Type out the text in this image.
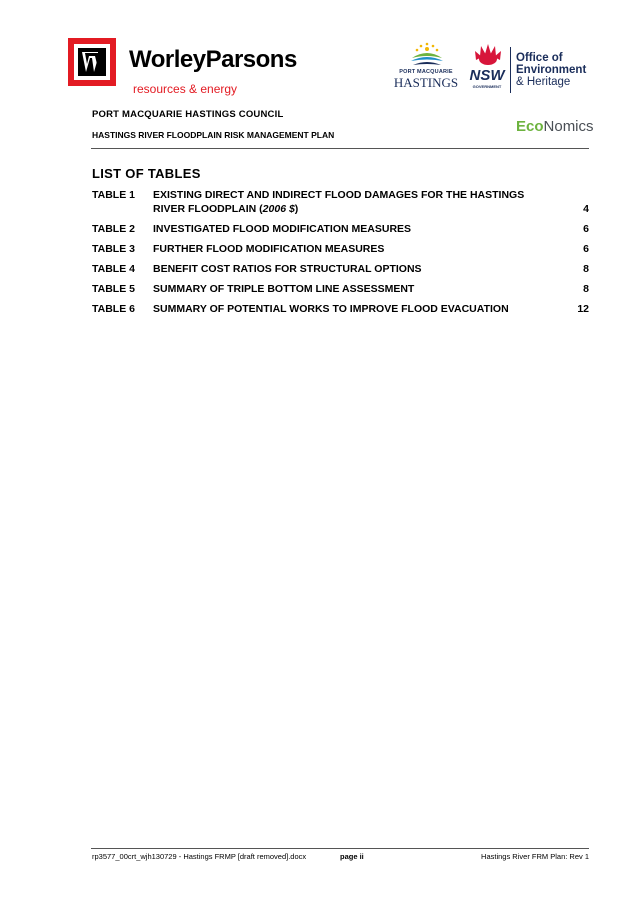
WorleyParsons
resources & energy
PORT MACQUARIE
HASTINGS NSW
GOVERNMENT
Office of
Environment
& Heritage
PORT MACQUARIE HASTINGS COUNCIL
HASTINGS RIVER FLOODPLAIN RISK MANAGEMENT PLAN	EcoNomics
LIST OF TABLES
TABLE 1 EXISTING DIRECT AND INDIRECT FLOOD DAMAGES FOR THE HASTINGS RIVER FLOODPLAIN (2006 $)	4
TABLE 2 INVESTIGATED FLOOD MODIFICATION MEASURES	6
TABLE 3 FURTHER FLOOD MODIFICATION MEASURES	6
TABLE 4 BENEFIT COST RATIOS FOR STRUCTURAL OPTIONS	8
TABLE 5 SUMMARY OF TRIPLE BOTTOM LINE ASSESSMENT	8
TABLE 6 SUMMARY OF POTENTIAL WORKS TO IMPROVE FLOOD EVACUATION	12
rp3577_00crt_wjh130729 - Hastings FRMP [draft removed].docx	page ii	Hastings River FRM Plan: Rev 1
